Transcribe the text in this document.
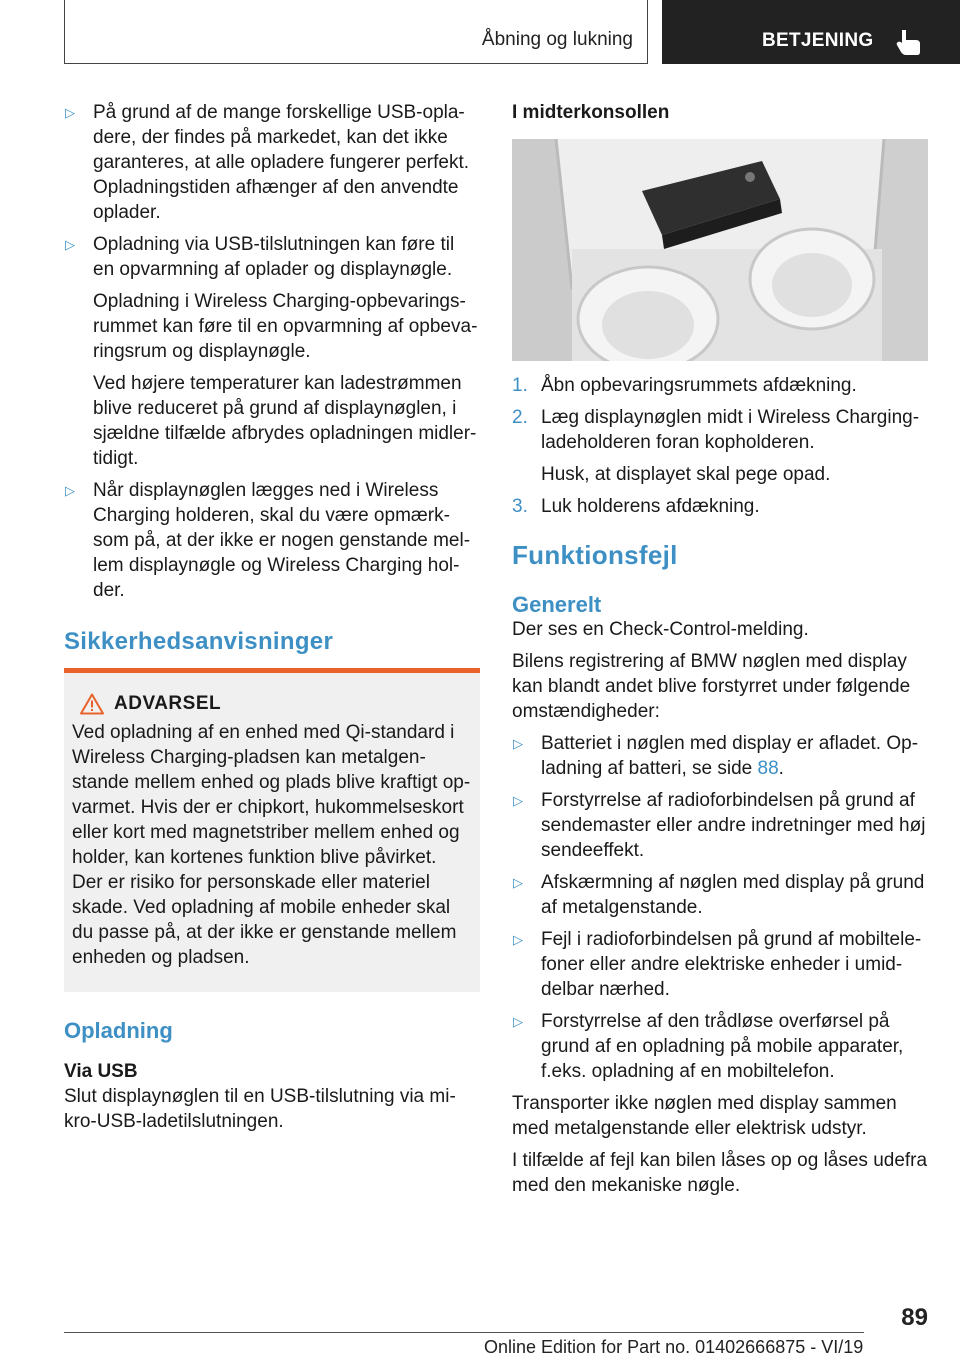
Åbning og lukning	BETJENING
▷ På grund af de mange forskellige USB-opla-dere, der findes på markedet, kan det ikke garanteres, at alle opladere fungerer perfekt. Opladningstiden afhænger af den anvendte oplader.

▷ Opladning via USB-tilslutningen kan føre til en opvarmning af oplader og displaynøgle.

Opladning i Wireless Charging-opbevarings-rummet kan føre til en opvarmning af opbeva-ringsrum og displaynøgle.

Ved højere temperaturer kan ladestrømmen blive reduceret på grund af displaynøglen, i sjældne tilfælde afbrydes opladningen midler-tidigt.

▷ Når displaynøglen lægges ned i Wireless Charging holderen, skal du være opmærk-som på, at der ikke er nogen genstande mel-lem displaynøgle og Wireless Charging hol-der.

Sikkerhedsanvisninger
ADVARSEL

Ved opladning af en enhed med Qi-standard i Wireless Charging-pladsen kan metalgen-stande mellem enhed og plads blive kraftigt op-varmet. Hvis der er chipkort, hukommelseskort eller kort med magnetstriber mellem enhed og holder, kan kortenes funktion blive påvirket. Der er risiko for personskade eller materiel skade. Ved opladning af mobile enheder skal du passe på, at der ikke er genstande mellem enheden og pladsen.

Opladning
Via USB

Slut displaynøglen til en USB-tilslutning via mi-kro-USB-ladetilslutningen.

I midterkonsollen
1. Åbn opbevaringsrummets afdækning.

2. Læg displaynøglen midt i Wireless Charging-ladeholderen foran kopholderen.

Husk, at displayet skal pege opad.

3. Luk holderens afdækning.

Funktionsfejl
Generelt

Der ses en Check-Control-melding.

Bilens registrering af BMW nøglen med display kan blandt andet blive forstyrret under følgende omstændigheder:

▷ Batteriet i nøglen med display er afladet. Op-ladning af batteri, se side 88.

▷ Forstyrrelse af radioforbindelsen på grund af sendemaster eller andre indretninger med høj sendeeffekt.

▷ Afskærmning af nøglen med display på grund af metalgenstande.

▷ Fejl i radioforbindelsen på grund af mobiltele-foner eller andre elektriske enheder i umid-delbar nærhed.

▷ Forstyrrelse af den trådløse overførsel på grund af en opladning på mobile apparater, f.eks. opladning af en mobiltelefon.

Transporter ikke nøglen med display sammen med metalgenstande eller elektrisk udstyr.

I tilfælde af fejl kan bilen låses op og låses udefra med den mekaniske nøgle.

89
Online Edition for Part no. 01402666875 - VI/19
